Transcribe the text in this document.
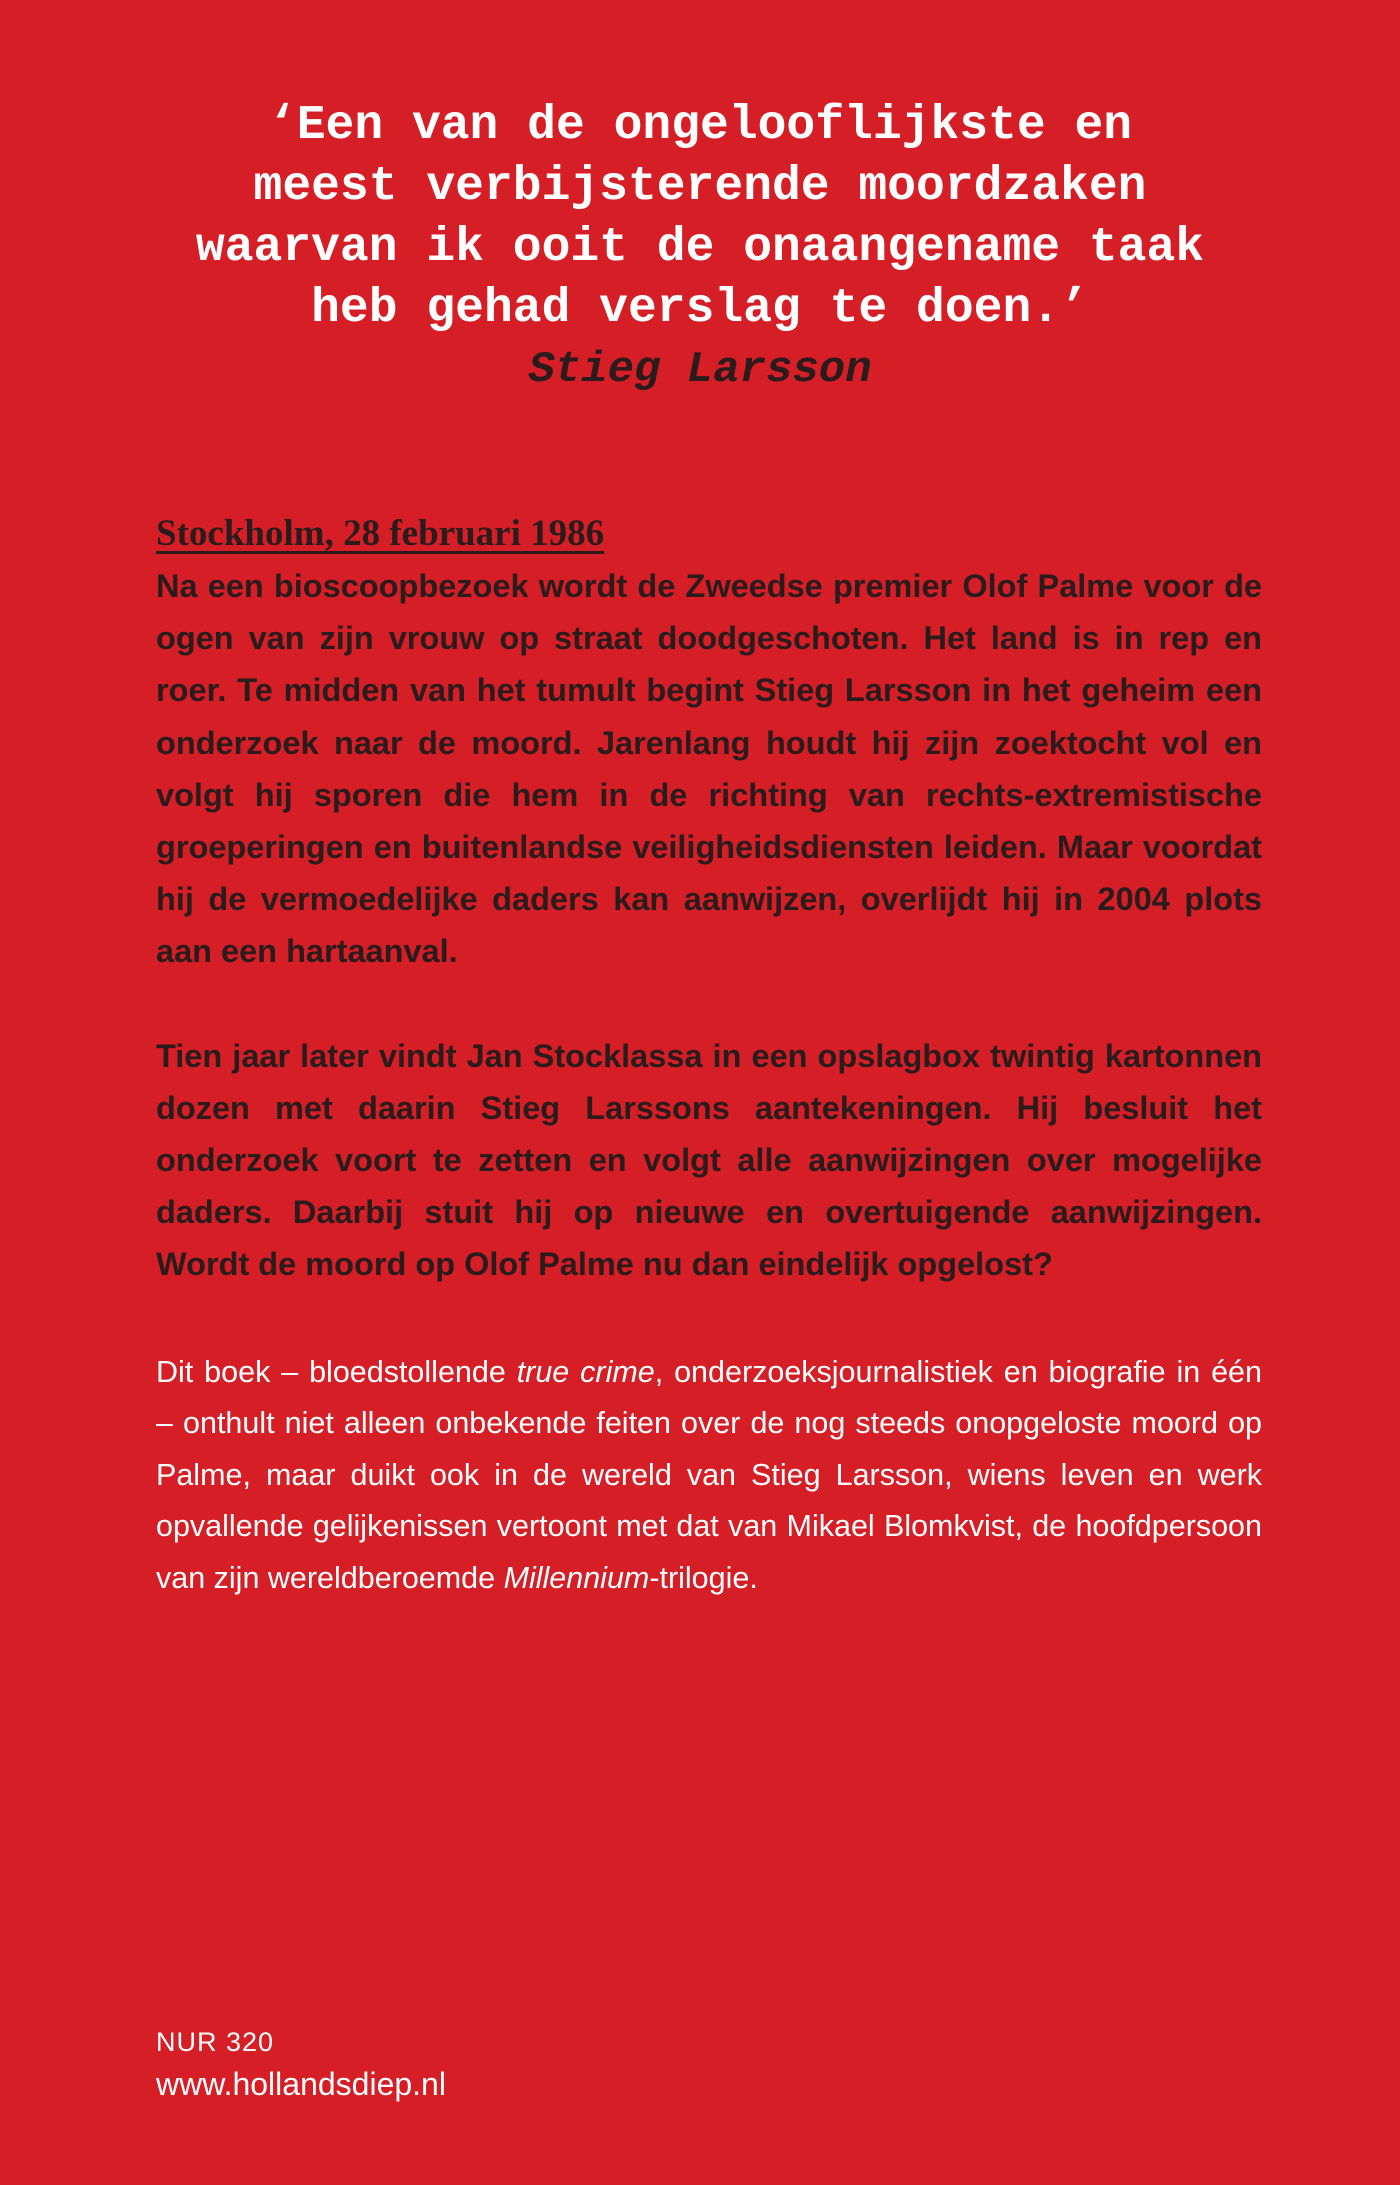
‘Een van de ongelooflijkste en
meest verbijsterende moordzaken
waarvan ik ooit de onaangename taak
heb gehad verslag te doen.’
Stieg Larsson
Stockholm, 28 februari 1986

Na een bioscoopbezoek wordt de Zweedse premier Olof Palme voor de ogen van zijn vrouw op straat doodgeschoten. Het land is in rep en roer. Te midden van het tumult begint Stieg Larsson in het geheim een onderzoek naar de moord. Jarenlang houdt hij zijn zoektocht vol en volgt hij sporen die hem in de richting van rechts-extremistische groeperingen en buitenlandse veiligheidsdiensten leiden. Maar voordat hij de vermoedelijke daders kan aanwijzen, overlijdt hij in 2004 plots aan een hartaanval.

Tien jaar later vindt Jan Stocklassa in een opslagbox twintig kartonnen dozen met daarin Stieg Larssons aantekeningen. Hij besluit het onderzoek voort te zetten en volgt alle aanwijzingen over mogelijke daders. Daarbij stuit hij op nieuwe en overtuigende aanwijzingen. Wordt de moord op Olof Palme nu dan eindelijk opgelost?

Dit boek – bloedstollende true crime, onderzoeksjournalistiek en biografie in één – onthult niet alleen onbekende feiten over de nog steeds onopgeloste moord op Palme, maar duikt ook in de wereld van Stieg Larsson, wiens leven en werk opvallende gelijkenissen vertoont met dat van Mikael Blomkvist, de hoofdpersoon van zijn wereldberoemde Millennium-trilogie.

NUR 320
www.hollandsdiep.nl
